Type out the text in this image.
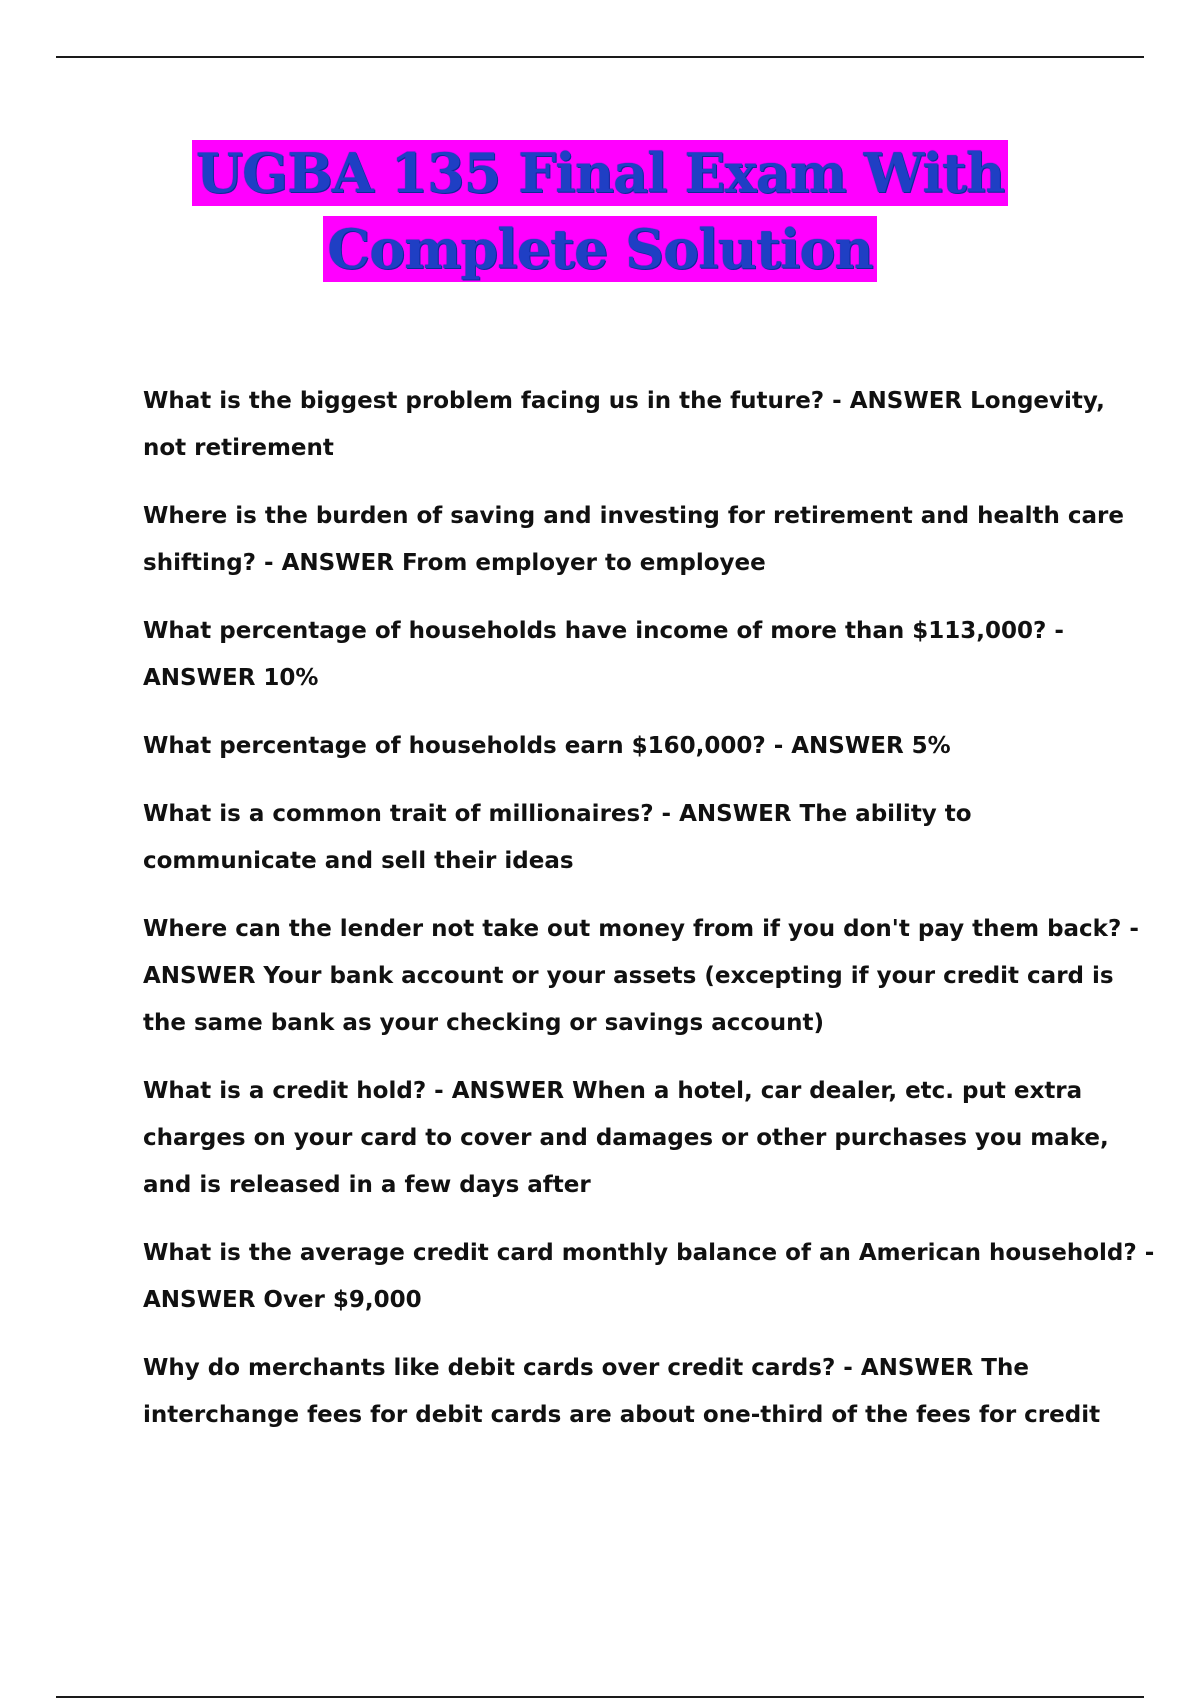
UGBA 135 Final Exam With
Complete Solution
What is the biggest problem facing us in the future? - ANSWER Longevity,
not retirement
Where is the burden of saving and investing for retirement and health care
shifting? - ANSWER From employer to employee
What percentage of households have income of more than $113,000? -
ANSWER 10%
What percentage of households earn $160,000? - ANSWER 5%
What is a common trait of millionaires? - ANSWER The ability to
communicate and sell their ideas
Where can the lender not take out money from if you don't pay them back? -
ANSWER Your bank account or your assets (excepting if your credit card is
the same bank as your checking or savings account)
What is a credit hold? - ANSWER When a hotel, car dealer, etc. put extra
charges on your card to cover and damages or other purchases you make,
and is released in a few days after
What is the average credit card monthly balance of an American household? -
ANSWER Over $9,000
Why do merchants like debit cards over credit cards? - ANSWER The
interchange fees for debit cards are about one-third of the fees for credit
